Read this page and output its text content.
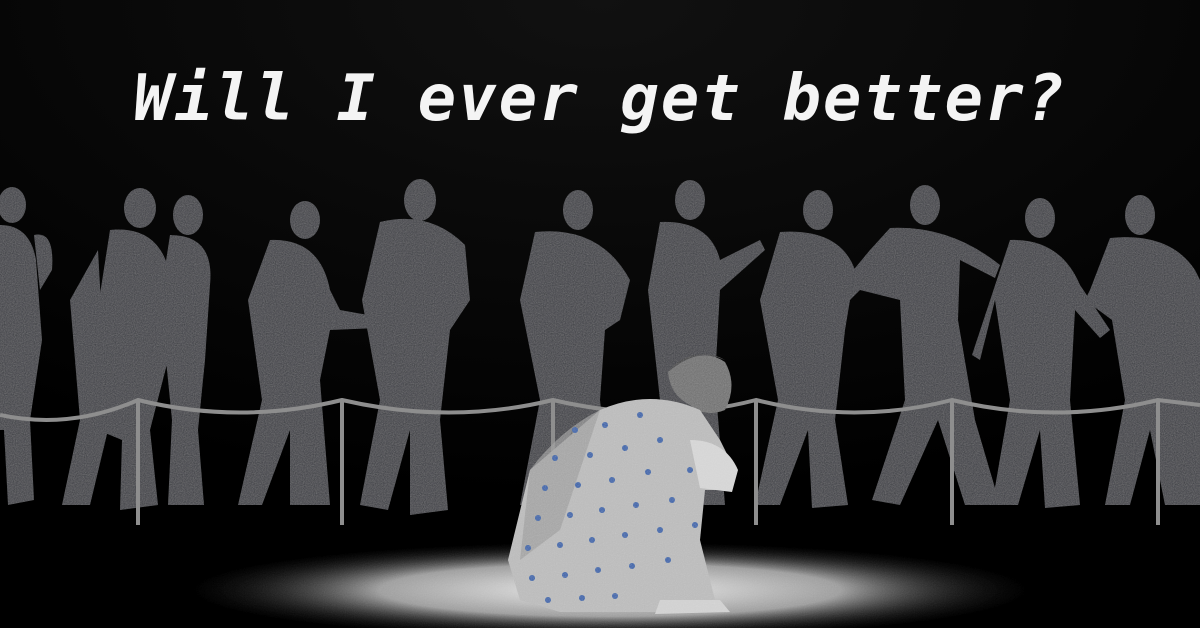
Will I ever get better?
